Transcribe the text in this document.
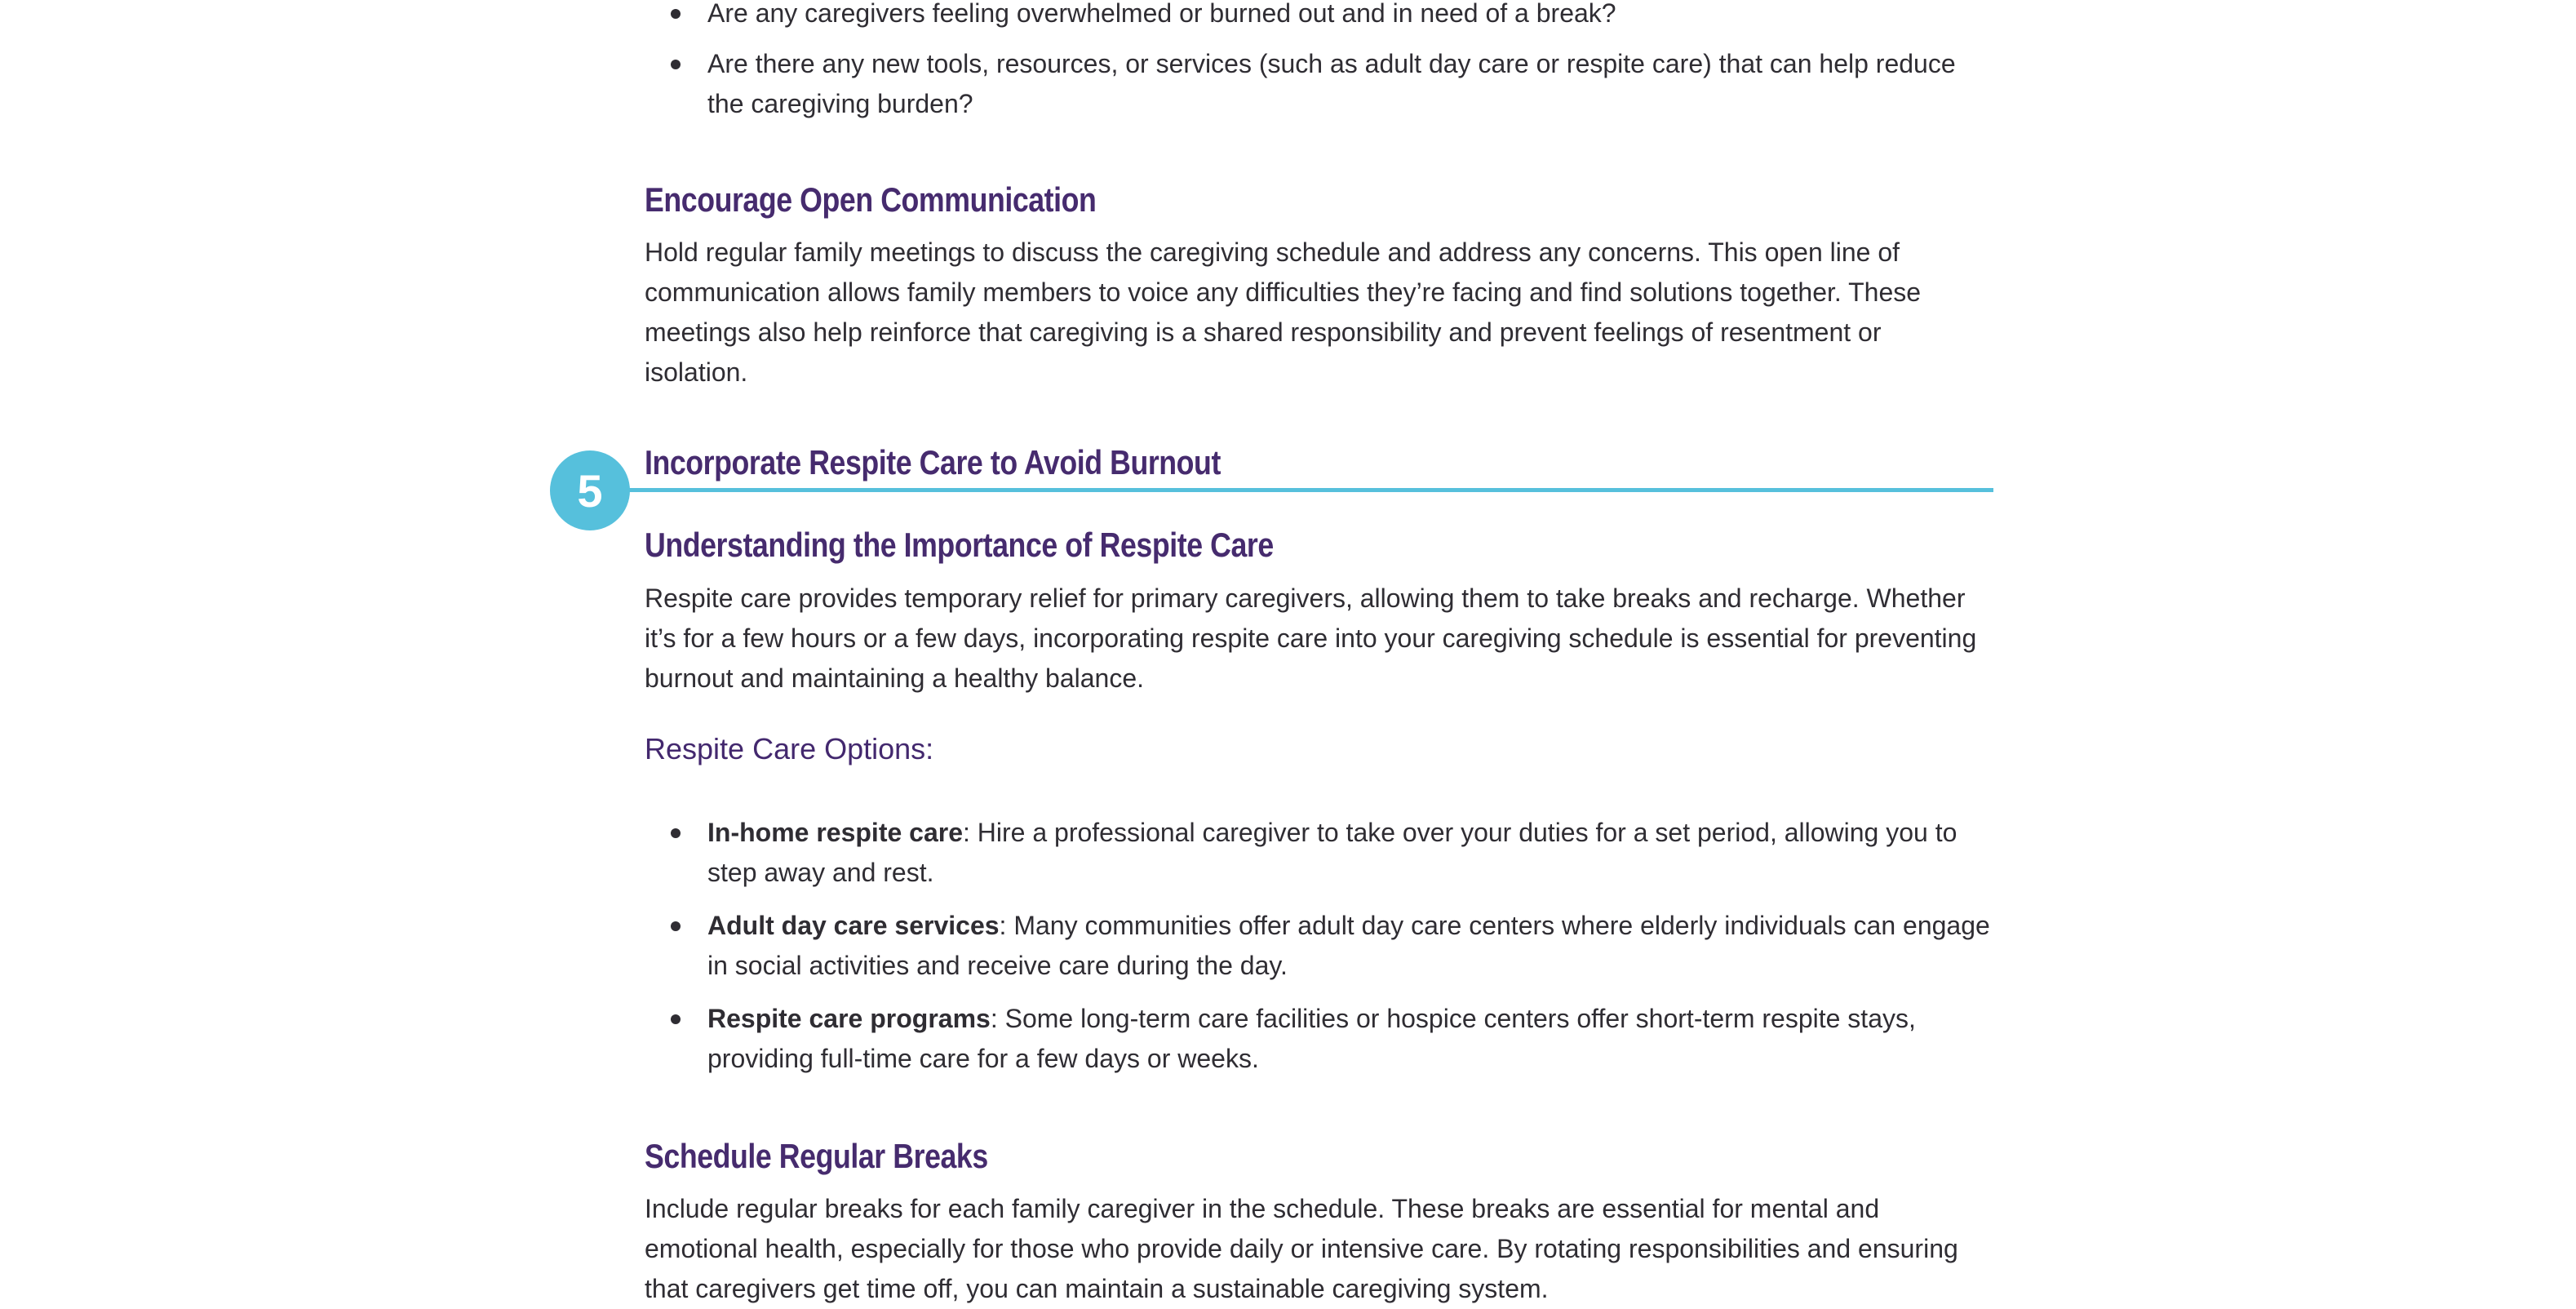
Are any caregivers feeling overwhelmed or burned out and in need of a break?
Are there any new tools, resources, or services (such as adult day care or respite care) that can help reduce the caregiving burden?
Encourage Open Communication

Hold regular family meetings to discuss the caregiving schedule and address any concerns. This open line of communication allows family members to voice any difficulties they’re facing and find solutions together. These meetings also help reinforce that caregiving is a shared responsibility and prevent feelings of resentment or isolation.

5
Incorporate Respite Care to Avoid Burnout
Understanding the Importance of Respite Care

Respite care provides temporary relief for primary caregivers, allowing them to take breaks and recharge. Whether it’s for a few hours or a few days, incorporating respite care into your caregiving schedule is essential for preventing burnout and maintaining a healthy balance.

Respite Care Options:

In-home respite care: Hire a professional caregiver to take over your duties for a set period, allowing you to step away and rest.
Adult day care services: Many communities offer adult day care centers where elderly individuals can engage in social activities and receive care during the day.
Respite care programs: Some long-term care facilities or hospice centers offer short-term respite stays, providing full-time care for a few days or weeks.
Schedule Regular Breaks

Include regular breaks for each family caregiver in the schedule. These breaks are essential for mental and emotional health, especially for those who provide daily or intensive care. By rotating responsibilities and ensuring that caregivers get time off, you can maintain a sustainable caregiving system.
